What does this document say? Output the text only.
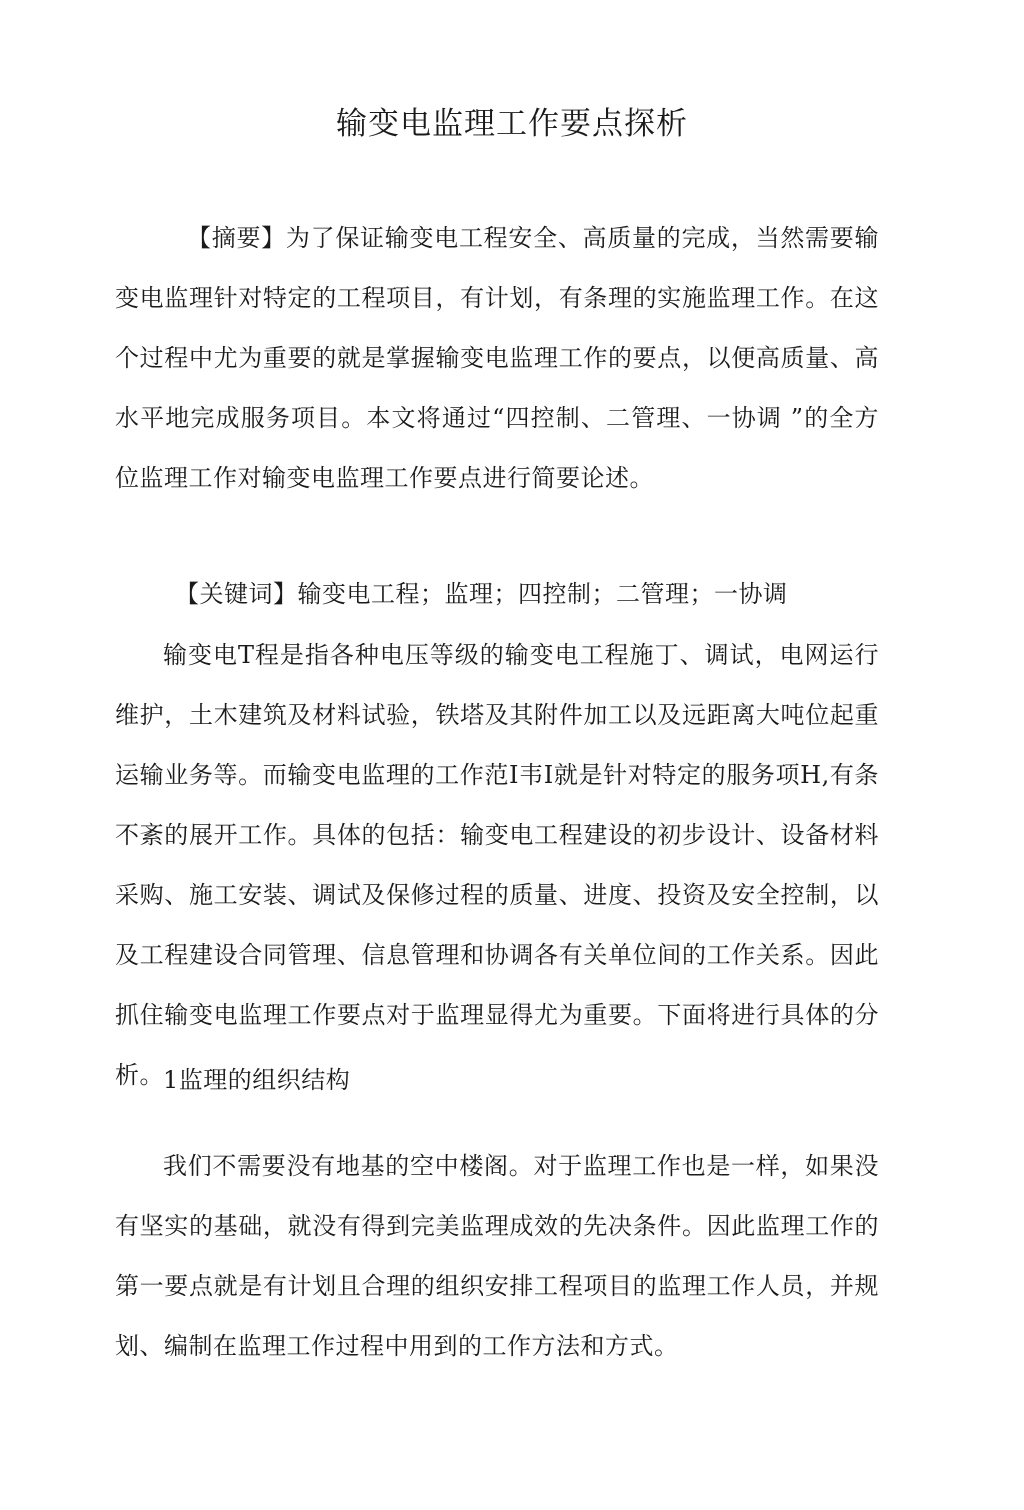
输变电监理工作要点探析

【摘要】为了保证输变电工程安全、高质量的完成，当然需要输变电监理针对特定的工程项目，有计划，有条理的实施监理工作。在这个过程中尤为重要的就是掌握输变电监理工作的要点，以便高质量、高水平地完成服务项目。本文将通过“四控制、二管理、一协调 ”的全方位监理工作对输变电监理工作要点进行简要论述。

【关键词】输变电工程；监理；四控制；二管理；一协调

输变电T程是指各种电压等级的输变电工程施丁、调试，电网运行维护，土木建筑及材料试验，铁塔及其附件加工以及远距离大吨位起重运输业务等。而输变电监理的工作范I韦I就是针对特定的服务项H,有条不紊的展开工作。具体的包括：输变电工程建设的初步设计、设备材料采购、施工安装、调试及保修过程的质量、进度、投资及安全控制，以及工程建设合同管理、信息管理和协调各有关单位间的工作关系。因此抓住输变电监理工作要点对于监理显得尤为重要。下面将进行具体的分析。 1监理的组织结构

我们不需要没有地基的空中楼阁。对于监理工作也是一样，如果没有坚实的基础，就没有得到完美监理成效的先决条件。因此监理工作的第一要点就是有计划且合理的组织安排工程项目的监理工作人员，并规划、编制在监理工作过程中用到的工作方法和方式。
